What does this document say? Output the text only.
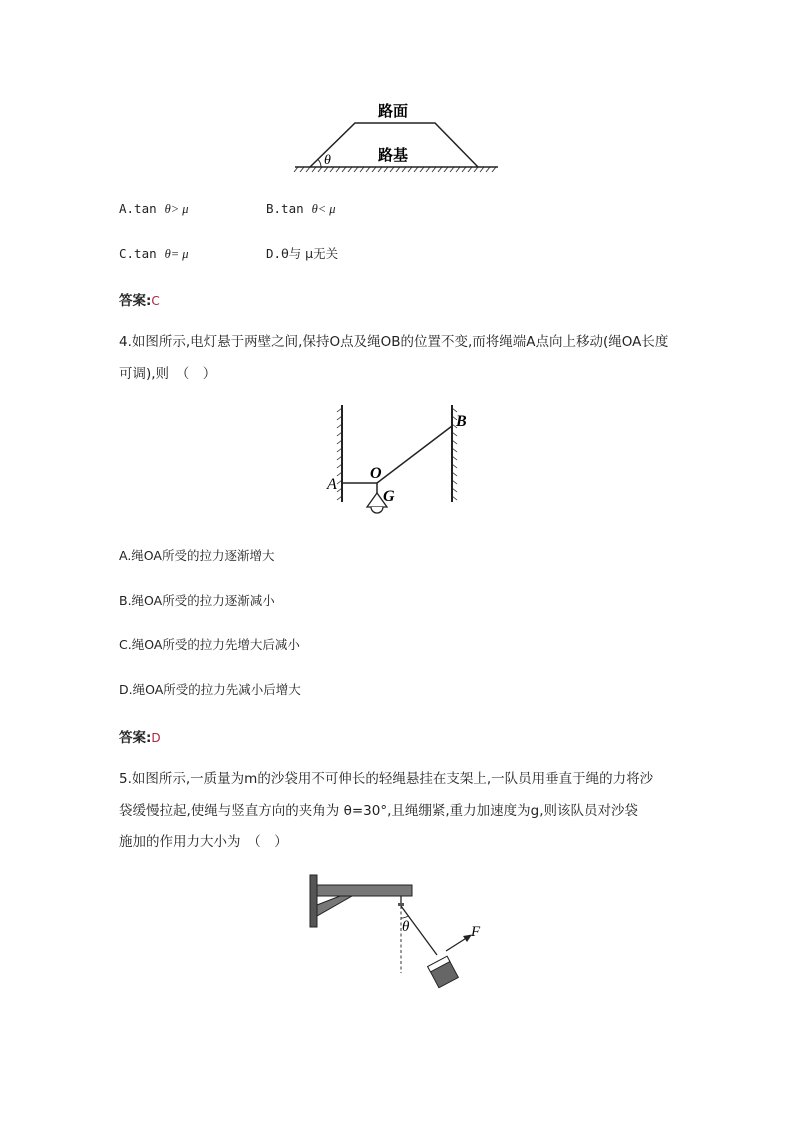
θ
路面
路基
A.tan θ> μ	B.tan θ< μ
C.tan θ= μ	D.θ与 μ无关
答案:C
4.如图所示,电灯悬于两壁之间,保持O点及绳OB的位置不变,而将绳端A点向上移动(绳OA长度
可调),则　（　）
A
B
O
G
A.绳OA所受的拉力逐渐增大
B.绳OA所受的拉力逐渐减小
C.绳OA所受的拉力先增大后减小
D.绳OA所受的拉力先减小后增大
答案:D
5.如图所示,一质量为m的沙袋用不可伸长的轻绳悬挂在支架上,一队员用垂直于绳的力将沙
袋缓慢拉起,使绳与竖直方向的夹角为 θ=30°,且绳绷紧,重力加速度为g,则该队员对沙袋
施加的作用力大小为　（　）
θ	F
